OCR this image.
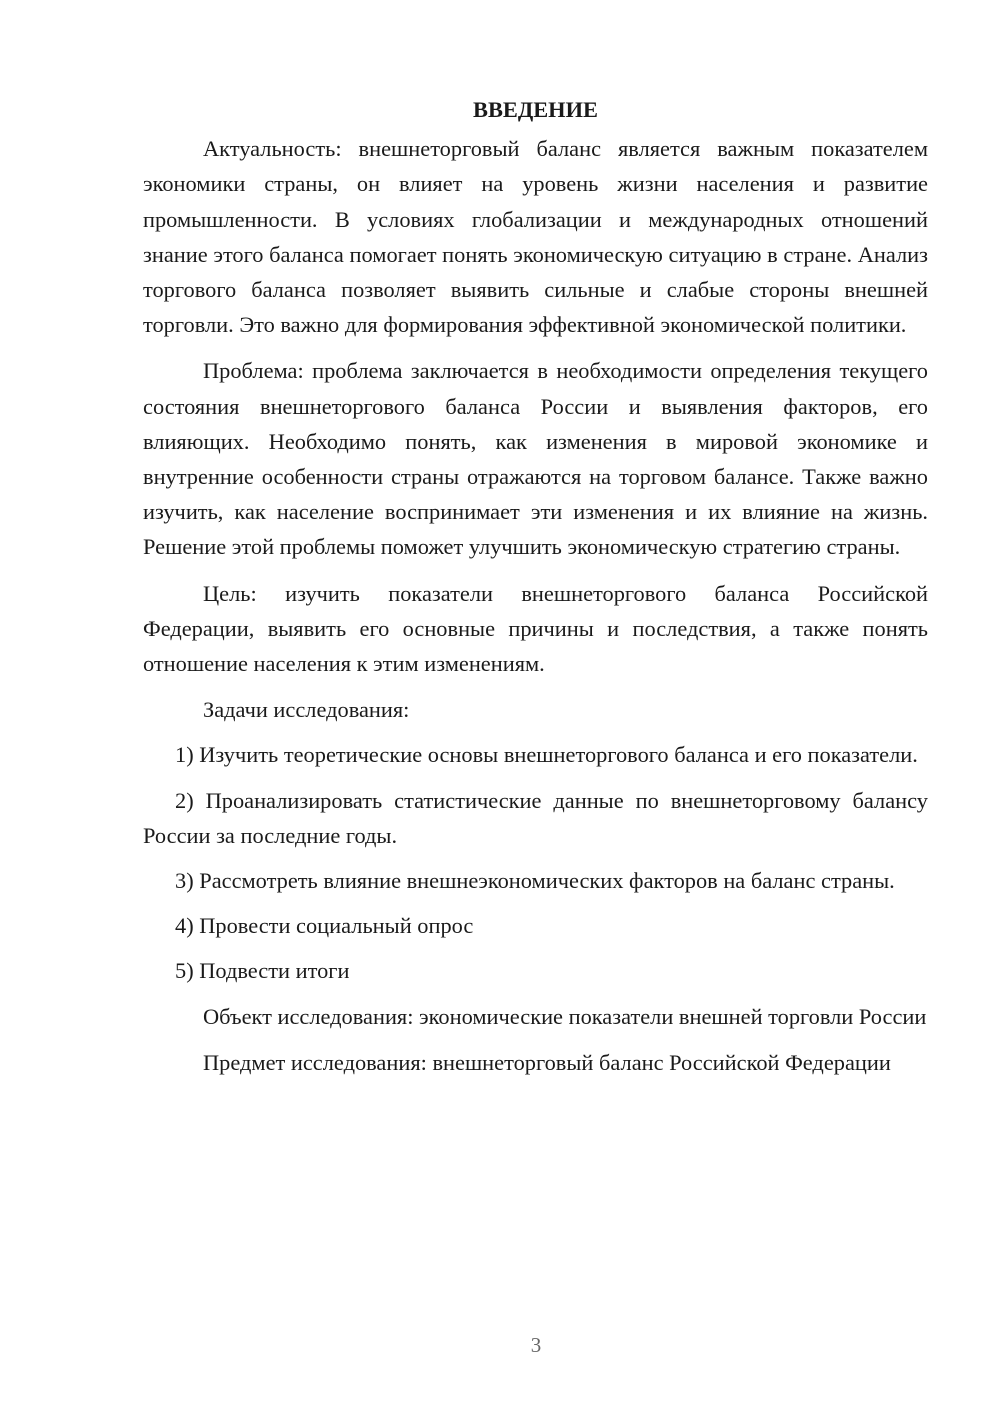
ВВЕДЕНИЕ

Актуальность: внешнеторговый баланс является важным показателем экономики страны, он влияет на уровень жизни населения и развитие промышленности. В условиях глобализации и международных отношений знание этого баланса помогает понять экономическую ситуацию в стране. Анализ торгового баланса позволяет выявить сильные и слабые стороны внешней торговли. Это важно для формирования эффективной экономической политики.

Проблема: проблема заключается в необходимости определения текущего состояния внешнеторгового баланса России и выявления факторов, его влияющих. Необходимо понять, как изменения в мировой экономике и внутренние особенности страны отражаются на торговом балансе. Также важно изучить, как население воспринимает эти изменения и их влияние на жизнь. Решение этой проблемы поможет улучшить экономическую стратегию страны.

Цель: изучить показатели внешнеторгового баланса Российской Федерации, выявить его основные причины и последствия, а также понять отношение населения к этим изменениям.

Задачи исследования:

1) Изучить теоретические основы внешнеторгового баланса и его показатели.

2) Проанализировать статистические данные по внешнеторговому балансу России за последние годы.

3) Рассмотреть влияние внешнеэкономических факторов на баланс страны.

4) Провести социальный опрос

5) Подвести итоги

Объект исследования: экономические показатели внешней торговли России

Предмет исследования: внешнеторговый баланс Российской Федерации

3
